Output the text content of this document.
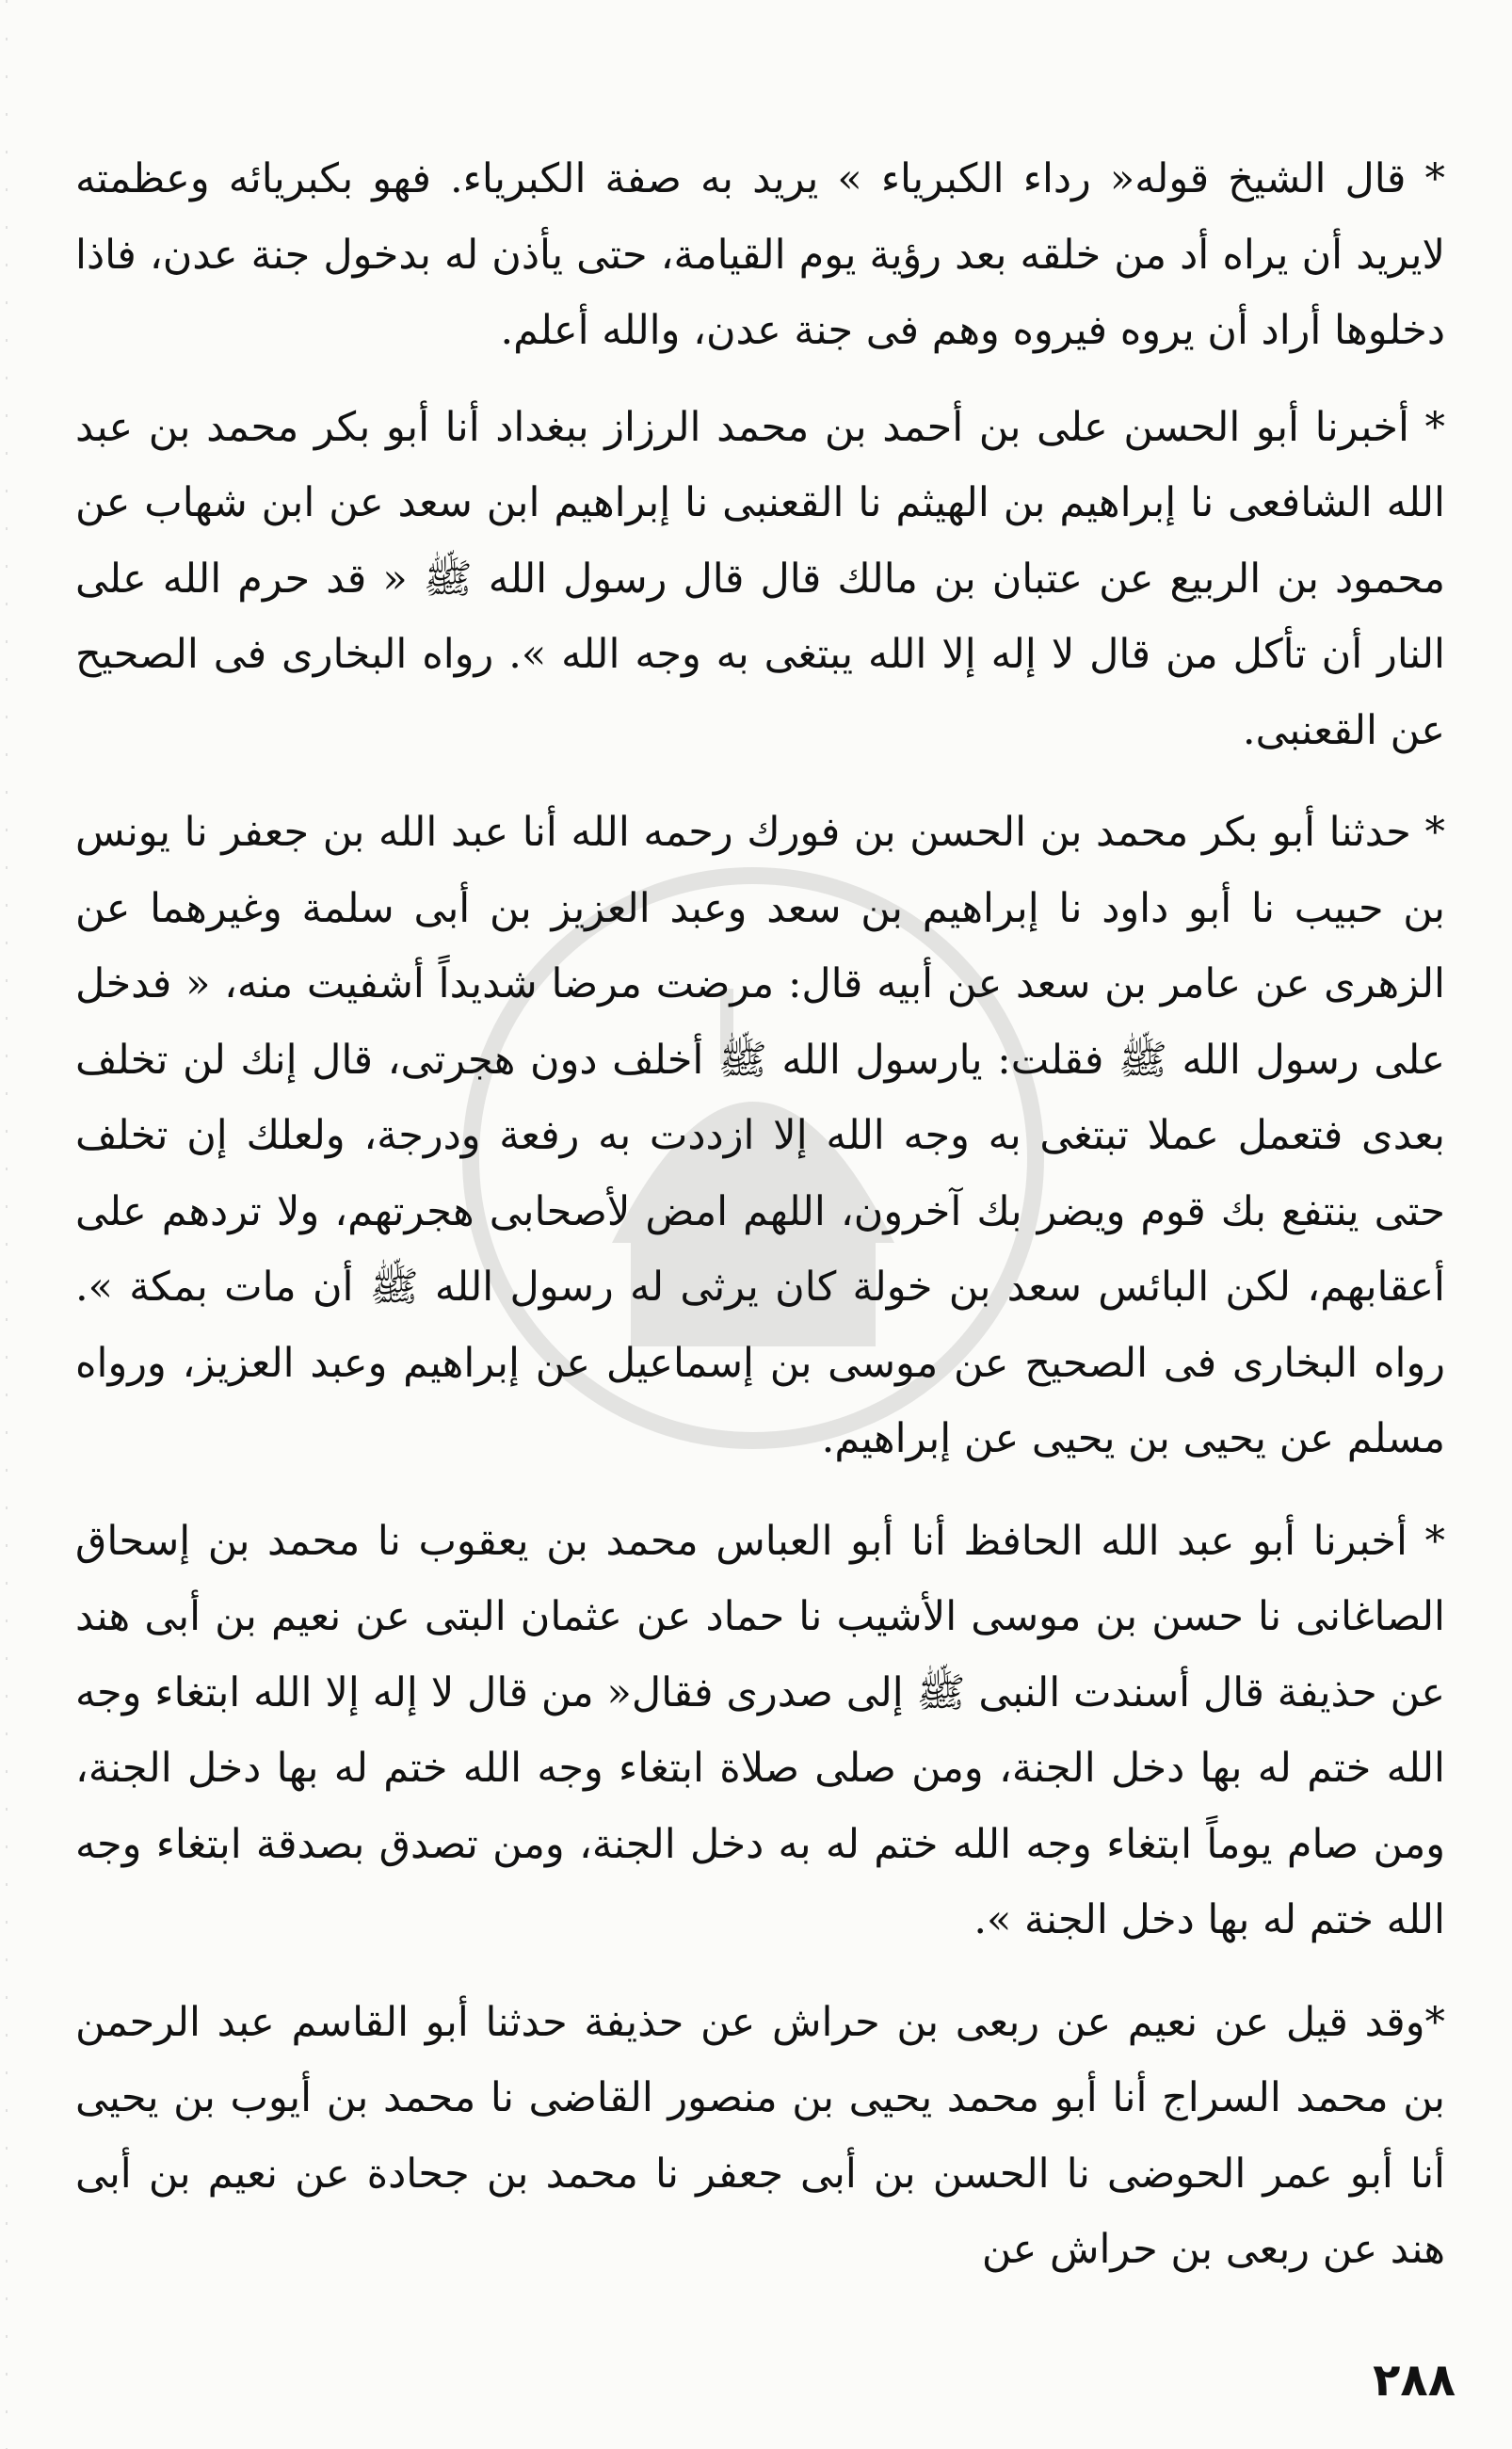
* قال الشيخ قوله« رداء الكبرياء » يريد به صفة الكبرياء. فهو بكبريائه وعظمته لايريد أن يراه أد من خلقه بعد رؤية يوم القيامة، حتى يأذن له بدخول جنة عدن، فاذا دخلوها أراد أن يروه فيروه وهم فى جنة عدن، والله أعلم.

* أخبرنا أبو الحسن على بن أحمد بن محمد الرزاز ببغداد أنا أبو بكر محمد بن عبد الله الشافعى نا إبراهيم بن الهيثم نا القعنبى نا إبراهيم ابن سعد عن ابن شهاب عن محمود بن الربيع عن عتبان بن مالك قال قال رسول الله ﷺ « قد حرم الله على النار أن تأكل من قال لا إله إلا الله يبتغى به وجه الله ». رواه البخارى فى الصحيح عن القعنبى.

* حدثنا أبو بكر محمد بن الحسن بن فورك رحمه الله أنا عبد الله بن جعفر نا يونس بن حبيب نا أبو داود نا إبراهيم بن سعد وعبد العزيز بن أبى سلمة وغيرهما عن الزهرى عن عامر بن سعد عن أبيه قال: مرضت مرضا شديداً أشفيت منه، « فدخل على رسول الله ﷺ فقلت: يارسول الله ﷺ أخلف دون هجرتى، قال إنك لن تخلف بعدى فتعمل عملا تبتغى به وجه الله إلا ازددت به رفعة ودرجة، ولعلك إن تخلف حتى ينتفع بك قوم ويضر بك آخرون، اللهم امض لأصحابى هجرتهم، ولا تردهم على أعقابهم، لكن البائس سعد بن خولة كان يرثى له رسول الله ﷺ أن مات بمكة ». رواه البخارى فى الصحيح عن موسى بن إسماعيل عن إبراهيم وعبد العزيز، ورواه مسلم عن يحيى بن يحيى عن إبراهيم.

* أخبرنا أبو عبد الله الحافظ أنا أبو العباس محمد بن يعقوب نا محمد بن إسحاق الصاغانى نا حسن بن موسى الأشيب نا حماد عن عثمان البتى عن نعيم بن أبى هند عن حذيفة قال أسندت النبى ﷺ إلى صدرى فقال« من قال لا إله إلا الله ابتغاء وجه الله ختم له بها دخل الجنة، ومن صلى صلاة ابتغاء وجه الله ختم له بها دخل الجنة، ومن صام يوماً ابتغاء وجه الله ختم له به دخل الجنة، ومن تصدق بصدقة ابتغاء وجه الله ختم له بها دخل الجنة ».

*وقد قيل عن نعيم عن ربعى بن حراش عن حذيفة حدثنا أبو القاسم عبد الرحمن بن محمد السراج أنا أبو محمد يحيى بن منصور القاضى نا محمد بن أيوب بن يحيى أنا أبو عمر الحوضى نا الحسن بن أبى جعفر نا محمد بن جحادة عن نعيم بن أبى هند عن ربعى بن حراش عن

٢٨٨
